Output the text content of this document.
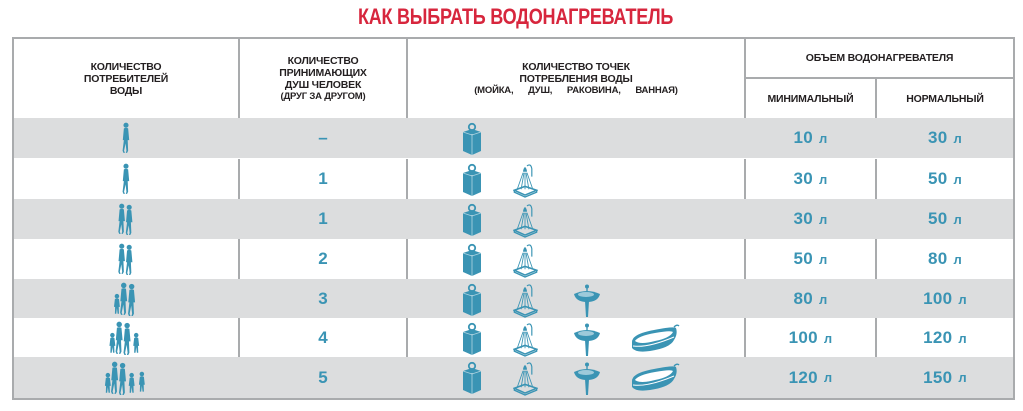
КАК ВЫБРАТЬ ВОДОНАГРЕВАТЕЛЬ
КОЛИЧЕСТВО
ПОТРЕБИТЕЛЕЙ
ВОДЫ
КОЛИЧЕСТВО
ПРИНИМАЮЩИХ
ДУШ ЧЕЛОВЕК
(ДРУГ ЗА ДРУГОМ)
КОЛИЧЕСТВО ТОЧЕК
ПОТРЕБЛЕНИЯ ВОДЫ
(МОЙКА, ДУШ, РАКОВИНА, ВАННАЯ)
ОБЪЕМ ВОДОНАГРЕВАТЕЛЯ
МИНИМАЛЬНЫЙ	НОРМАЛЬНЫЙ
–	10 л	30 л
1	30 л	50 л
1	30 л	50 л
2	50 л	80 л
3	80 л	100 л
4	100 л	120 л
5	120 л	150 л
